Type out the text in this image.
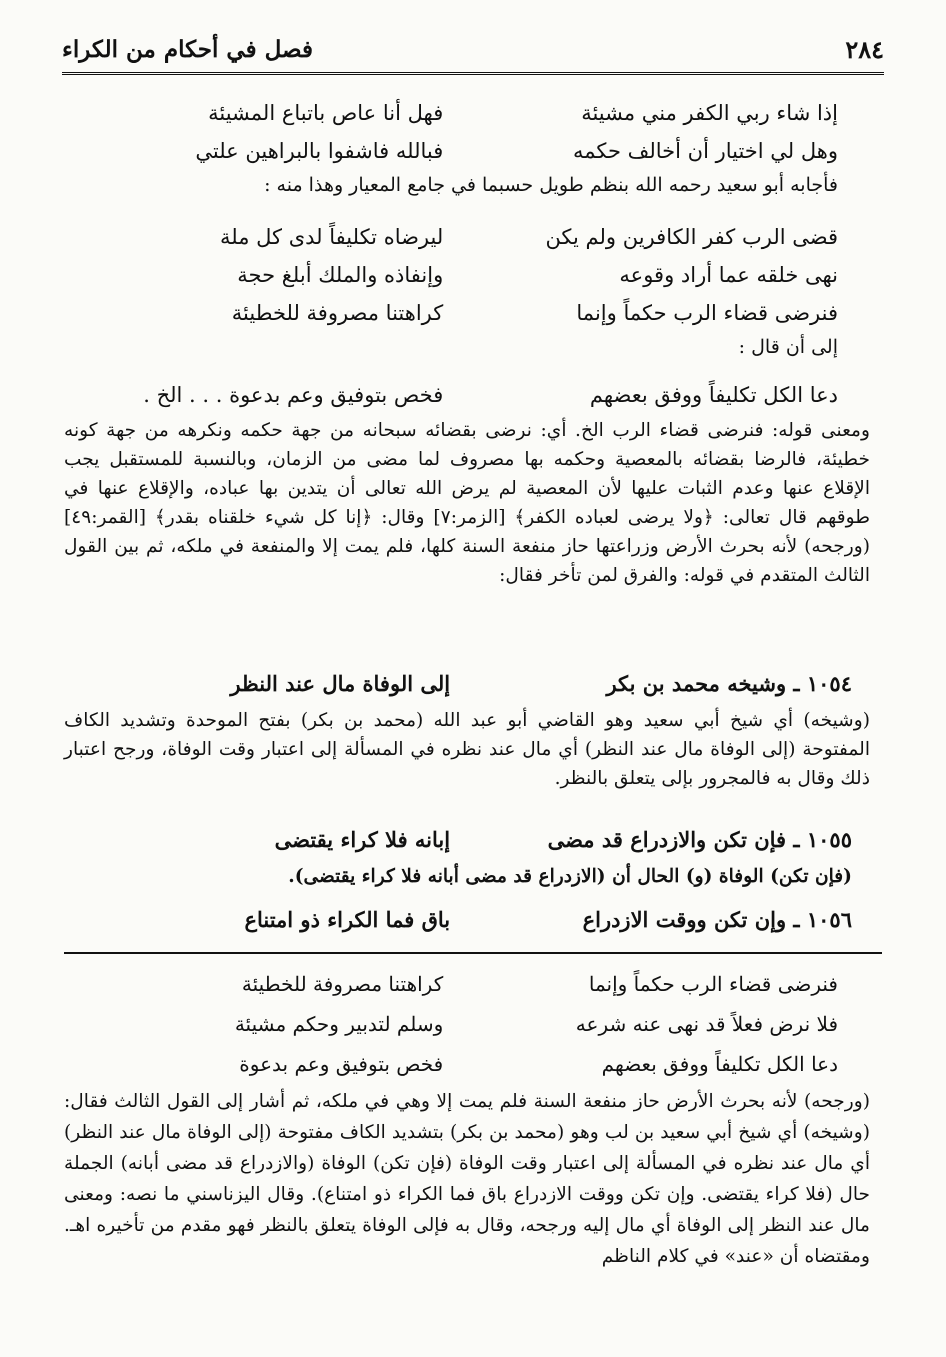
٢٨٤
فصل في أحكام من الكراء
إذا شاء ربي الكفر مني مشيئة
فهل أنا عاص باتباع المشيئة
وهل لي اختيار أن أخالف حكمه
فبالله فاشفوا بالبراهين علتي
فأجابه أبو سعيد رحمه الله بنظم طويل حسبما في جامع المعيار وهذا منه :
قضى الرب كفر الكافرين ولم يكن
ليرضاه تكليفاً لدى كل ملة
نهى خلقه عما أراد وقوعه
وإنفاذه والملك أبلغ حجة
فنرضى قضاء الرب حكماً وإنما
كراهتنا مصروفة للخطيئة
إلى أن قال :
دعا الكل تكليفاً ووفق بعضهم
فخص بتوفيق وعم بدعوة . . . الخ .
ومعنى قوله: فنرضى قضاء الرب الخ. أي: نرضى بقضائه سبحانه من جهة حكمه ونكرهه من جهة كونه خطيئة، فالرضا بقضائه بالمعصية وحكمه بها مصروف لما مضى من الزمان، وبالنسبة للمستقبل يجب الإقلاع عنها وعدم الثبات عليها لأن المعصية لم يرض الله تعالى أن يتدين بها عباده، والإقلاع عنها في طوقهم قال تعالى: ﴿ولا يرضى لعباده الكفر﴾ [الزمر:٧] وقال: ﴿إنا كل شيء خلقناه بقدر﴾ [القمر:٤٩] (ورجحه) لأنه بحرث الأرض وزراعتها حاز منفعة السنة كلها، فلم يمت إلا والمنفعة في ملكه، ثم بين القول الثالث المتقدم في قوله: والفرق لمن تأخر فقال:
١٠٥٤ ـ وشيخه محمد بن بكر
إلى الوفاة مال عند النظر
(وشيخه) أي شيخ أبي سعيد وهو القاضي أبو عبد الله (محمد بن بكر) بفتح الموحدة وتشديد الكاف المفتوحة (إلى الوفاة مال عند النظر) أي مال عند نظره في المسألة إلى اعتبار وقت الوفاة، ورجح اعتبار ذلك وقال به فالمجرور بإلى يتعلق بالنظر.
١٠٥٥ ـ فإن تكن والازدراع قد مضى
إبانه فلا كراء يقتضى
(فإن تكن) الوفاة (و) الحال أن (الازدراع قد مضى أبانه فلا كراء يقتضى).
١٠٥٦ ـ وإن تكن ووقت الازدراع
باق فما الكراء ذو امتناع
فنرضى قضاء الرب حكماً وإنما
كراهتنا مصروفة للخطيئة
فلا نرض فعلاً قد نهى عنه شرعه
وسلم لتدبير وحكم مشيئة
دعا الكل تكليفاً ووفق بعضهم
فخص بتوفيق وعم بدعوة
(ورجحه) لأنه بحرث الأرض حاز منفعة السنة فلم يمت إلا وهي في ملكه، ثم أشار إلى القول الثالث فقال: (وشيخه) أي شيخ أبي سعيد بن لب وهو (محمد بن بكر) بتشديد الكاف مفتوحة (إلى الوفاة مال عند النظر) أي مال عند نظره في المسألة إلى اعتبار وقت الوفاة (فإن تكن) الوفاة (والازدراع قد مضى أبانه) الجملة حال (فلا كراء يقتضى. وإن تكن ووقت الازدراع باق فما الكراء ذو امتناع). وقال اليزناسني ما نصه: ومعنى مال عند النظر إلى الوفاة أي مال إليه ورجحه، وقال به فإلى الوفاة يتعلق بالنظر فهو مقدم من تأخيره اهـ. ومقتضاه أن «عند» في كلام الناظم
